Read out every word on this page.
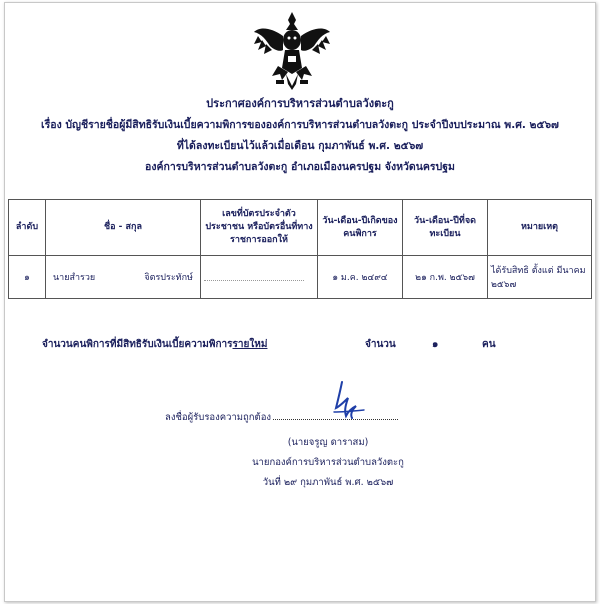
ประกาศองค์การบริหารส่วนตำบลวังตะกู
เรื่อง บัญชีรายชื่อผู้มีสิทธิรับเงินเบี้ยความพิการขององค์การบริหารส่วนตำบลวังตะกู ประจำปีงบประมาณ พ.ศ. ๒๕๖๗
ที่ได้ลงทะเบียนไว้แล้วเมื่อเดือน กุมภาพันธ์ พ.ศ. ๒๕๖๗
องค์การบริหารส่วนตำบลวังตะกู อำเภอเมืองนครปฐม จังหวัดนครปฐม
ลำดับ	ชื่อ - สกุล	เลขที่บัตรประจำตัวประชาชน หรือบัตรอื่นที่ทางราชการออกให้	วัน-เดือน-ปีเกิดของคนพิการ	วัน-เดือน-ปีที่จดทะเบียน	หมายเหตุ
๑	นายสำรวย จิตรประทักษ์		๑ ม.ค. ๒๔๙๔	๒๑ ก.พ. ๒๕๖๗	ได้รับสิทธิ ตั้งแต่ มีนาคม ๒๕๖๗
จำนวนคนพิการที่มีสิทธิรับเงินเบี้ยความพิการรายใหม่	จำนวน	๑	คน
ลงชื่อผู้รับรองความถูกต้อง
(นายจรูญ ดาราสม)
นายกองค์การบริหารส่วนตำบลวังตะกู
วันที่ ๒๙ กุมภาพันธ์ พ.ศ. ๒๕๖๗
